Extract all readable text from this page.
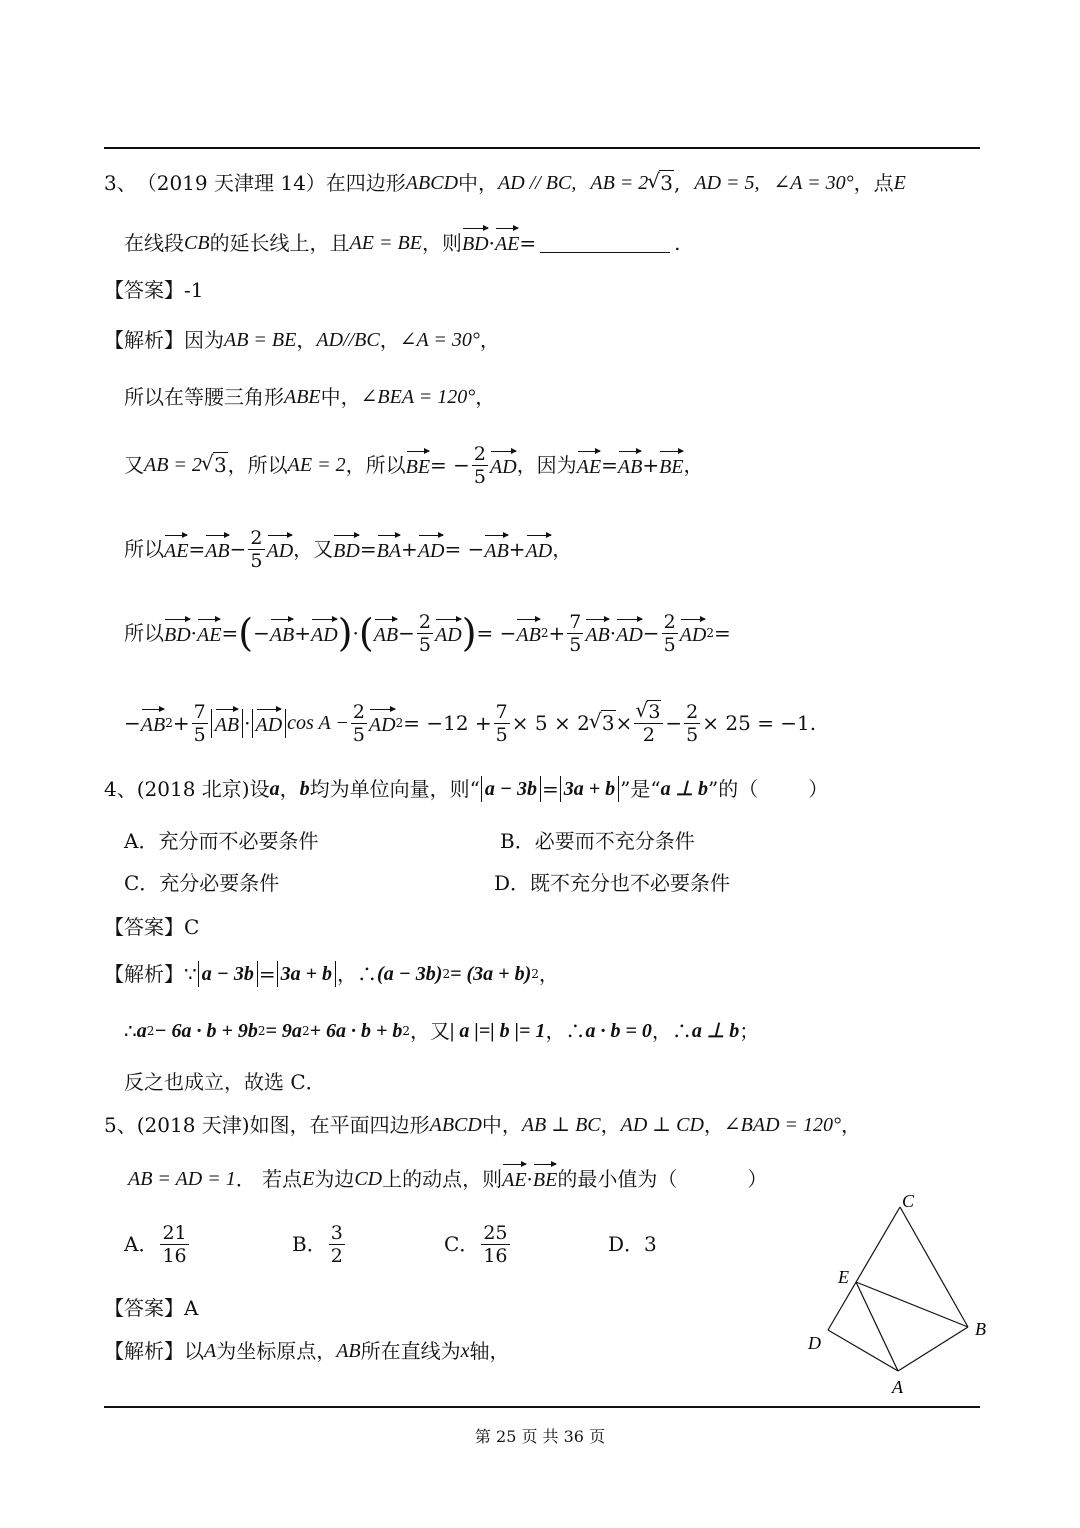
3、 （2019 天津理 14）在四边形 ABCD 中， AD // BC, AB = 2 √ 3 , AD = 5, ∠A = 30° ，点 E
在线段 CB 的延长线上，且 AE = BE ，则 BD · AE =	.
【答案】 -1
【解析】 因为 AB = BE ， AD//BC ， ∠A = 30° ，
所以在等腰三角形 ABE 中， ∠BEA = 120° ，
又 AB = 2 √ 3 ，所以 AE = 2 ，所以 BE = − $\frac{2}{5}$ AD ，因为 AE = AB + BE ，
所以 AE = AB − $\frac{2}{5}$ AD ，又 BD = BA + AD = − AB + AD ，
所以 BD · AE = ( − AB + AD ) · ( AB − $\frac{2}{5}$ AD ) = − AB $2 + \frac{7}{5}$ AB · AD − $\frac{2}{5}$ AD 2 =
− AB $2 + \frac{7}{5}$ AB · AD $\cos A - \frac{2}{5}$ AD $2 = -12 + \frac{7}{5} \times 5 \times 2$ √ 3 × √ $\frac{3}{2} - \frac{2}{5} \times 25 = -1$ .
4、 (2018 北京)设 a ， b 均为单位向量，则“ a − 3b = 3a + b ”是“ a ⊥ b ”的（	）
A．充分而不必要条件	B．必要而不充分条件
C．充分必要条件	D．既不充分也不必要条件
【答案】 C
【解析】 ∵ a − 3b = 3a + b ，∴ (a − 3b) 2 = (3a + b) 2 ，
∴ a 2 − 6a · b + 9b 2 = 9a 2 + 6a · b + b 2 ，又 | a |=| b |= 1 ，∴ a · b = 0 ，∴ a ⊥ b ；
反之也成立，故选 C．
5、 (2018 天津)如图，在平面四边形 ABCD 中， AB ⊥ BC ， AD ⊥ CD ， ∠BAD = 120° ，
AB = AD = 1 ． 若点 E 为边 CD 上的动点，则 AE · BE 的最小值为（	）
A． $\frac{21}{16}$	B． $\frac{3}{2}$	C． $\frac{25}{16}$	D． 3
【答案】 A
【解析】 以 A 为坐标原点， AB 所在直线为 x 轴，
C
E
B
D
A
第 25 页 共 36 页
